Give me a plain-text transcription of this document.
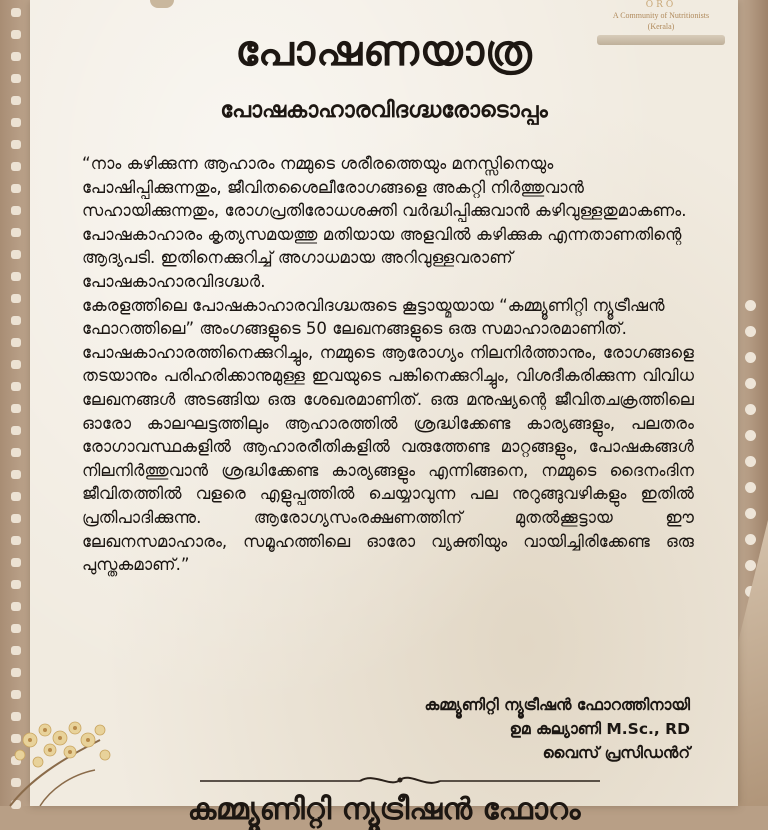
ORO
A Community of Nutritionists
(Kerala)
പോഷണയാത്ര
പോഷകാഹാരവിദഗ്ദ്ധരോടൊപ്പം

“നാം കഴിക്കുന്ന ആഹാരം നമ്മുടെ ശരീരത്തെയും മനസ്സിനെയും പോഷിപ്പിക്കുന്നതും, ജീവിതശൈലീരോഗങ്ങളെ അകറ്റി നിർത്തുവാൻ സഹായിക്കുന്നതും, രോഗപ്രതിരോധശക്തി വർദ്ധിപ്പിക്കുവാൻ കഴിവുള്ളതുമാകണം. പോഷകാഹാരം കൃത്യസമയത്തു മതിയായ അളവിൽ കഴിക്കുക എന്നതാണതിന്റെ ആദ്യപടി. ഇതിനെക്കുറിച്ച് അഗാധമായ അറിവുള്ളവരാണ് പോഷകാഹാരവിദഗ്ദ്ധർ.

കേരളത്തിലെ പോഷകാഹാരവിദഗ്ദ്ധരുടെ കൂട്ടായ്മയായ “കമ്മ്യൂണിറ്റി ന്യൂട്രീഷൻ ഫോറത്തിലെ” അംഗങ്ങളുടെ 50 ലേഖനങ്ങളുടെ ഒരു സമാഹാരമാണിത്.

പോഷകാഹാരത്തിനെക്കുറിച്ചും, നമ്മുടെ ആരോഗ്യം നിലനിർത്താനും, രോഗങ്ങളെ തടയാനും പരിഹരിക്കാനുമുള്ള ഇവയുടെ പങ്കിനെക്കുറിച്ചും, വിശദീകരിക്കുന്ന വിവിധ ലേഖനങ്ങൾ അടങ്ങിയ ഒരു ശേഖരമാണിത്. ഒരു മനുഷ്യന്റെ ജീവിതചക്രത്തിലെ ഓരോ കാലഘട്ടത്തിലും ആഹാരത്തിൽ ശ്രദ്ധിക്കേണ്ട കാര്യങ്ങളും, പലതരം രോഗാവസ്ഥകളിൽ ആഹാരരീതികളിൽ വരുത്തേണ്ട മാറ്റങ്ങളും, പോഷകങ്ങൾ നിലനിർത്തുവാൻ ശ്രദ്ധിക്കേണ്ട കാര്യങ്ങളും എന്നിങ്ങനെ, നമ്മുടെ ദൈനംദിന ജീവിതത്തിൽ വളരെ എളുപ്പത്തിൽ ചെയ്യാവുന്ന പല നുറുങ്ങുവഴികളും ഇതിൽ പ്രതിപാദിക്കുന്നു. ആരോഗ്യസംരക്ഷണത്തിന് മുതൽക്കൂട്ടായ ഈ ലേഖനസമാഹാരം, സമൂഹത്തിലെ ഓരോ വ്യക്തിയും വായിച്ചിരിക്കേണ്ട ഒരു പുസ്തകമാണ്.”

കമ്മ്യൂണിറ്റി ന്യൂട്രീഷൻ ഫോറത്തിനായി
ഉമ കല്യാണി M.Sc., RD
വൈസ് പ്രസിഡൻറ്
കമ്മ്യൂണിറ്റി ന്യൂട്രീഷൻ ഫോറം
